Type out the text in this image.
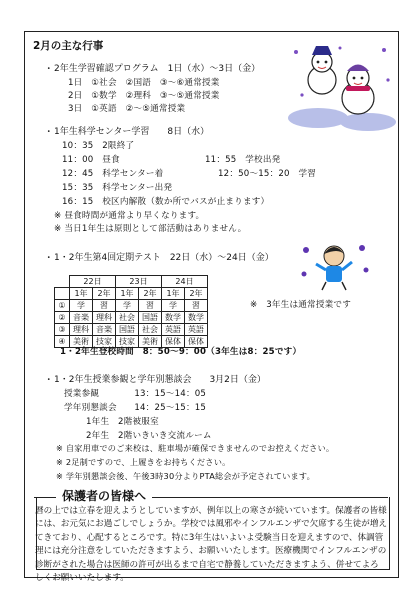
2月の主な行事
・ 2年生学習確認プログラム　1日（水）〜3日（金）
1日　①社会　②国語　③〜⑥通常授業
2日　①数学　②理科　③〜⑤通常授業
3日　①英語　②〜⑤通常授業
・ 1年生科学センター学習　　8日（水）
10：35　2限終了
11：00　昼食	11：55　学校出発
12：45　科学センター着	12：50〜15：20　学習
15：35　科学センター出発
16：15　校区内解散（数か所でバスが止まります）
※ 昼食時間が通常より早くなります。
※ 当日1年生は原則として部活動はありません。
・ 1・2年生第4回定期テスト　22日（水）〜24日（金）
	22日		23日		24日	
	1年	2年	1年	2年	1年	2年
①	学	習	学	習	学	習
②	音楽	理科	社会	国語	数学	数学
③	理科	音楽	国語	社会	英語	英語
④	美術	技家	技家	美術	保体	保体
※　3年生は通常授業です
1・2年生登校時間　8：50〜9：00（3年生は8：25です）
・ 1・2年生授業参観と学年別懇談会　　3月2日（金）
授業参観　　　　13：15〜14：05
学年別懇談会　　14：25〜15：15
1年生　2階被服室
2年生　2階いきいき交流ルーム
※ 自家用車でのご来校は、駐車場が確保できませんのでお控えください。
※ 2足制ですので、上履きをお持ちください。
※ 学年別懇談会後、午後3時30分よりPTA総会が予定されています。
保護者の皆様へ
暦の上では立春を迎えようとしていますが、例年以上の寒さが続いています。保護者の皆様には、お元気にお過ごしでしょうか。学校では風邪やインフルエンザで欠席する生徒が増えてきており、心配するところです。特に3年生はいよいよ受験当日を迎えますので、体調管理には充分注意をしていただきますよう、お願いいたします。医療機関でインフルエンザの診断がされた場合は医師の許可が出るまで自宅で静養していただきますよう、併せてよろしくお願いいたします。
